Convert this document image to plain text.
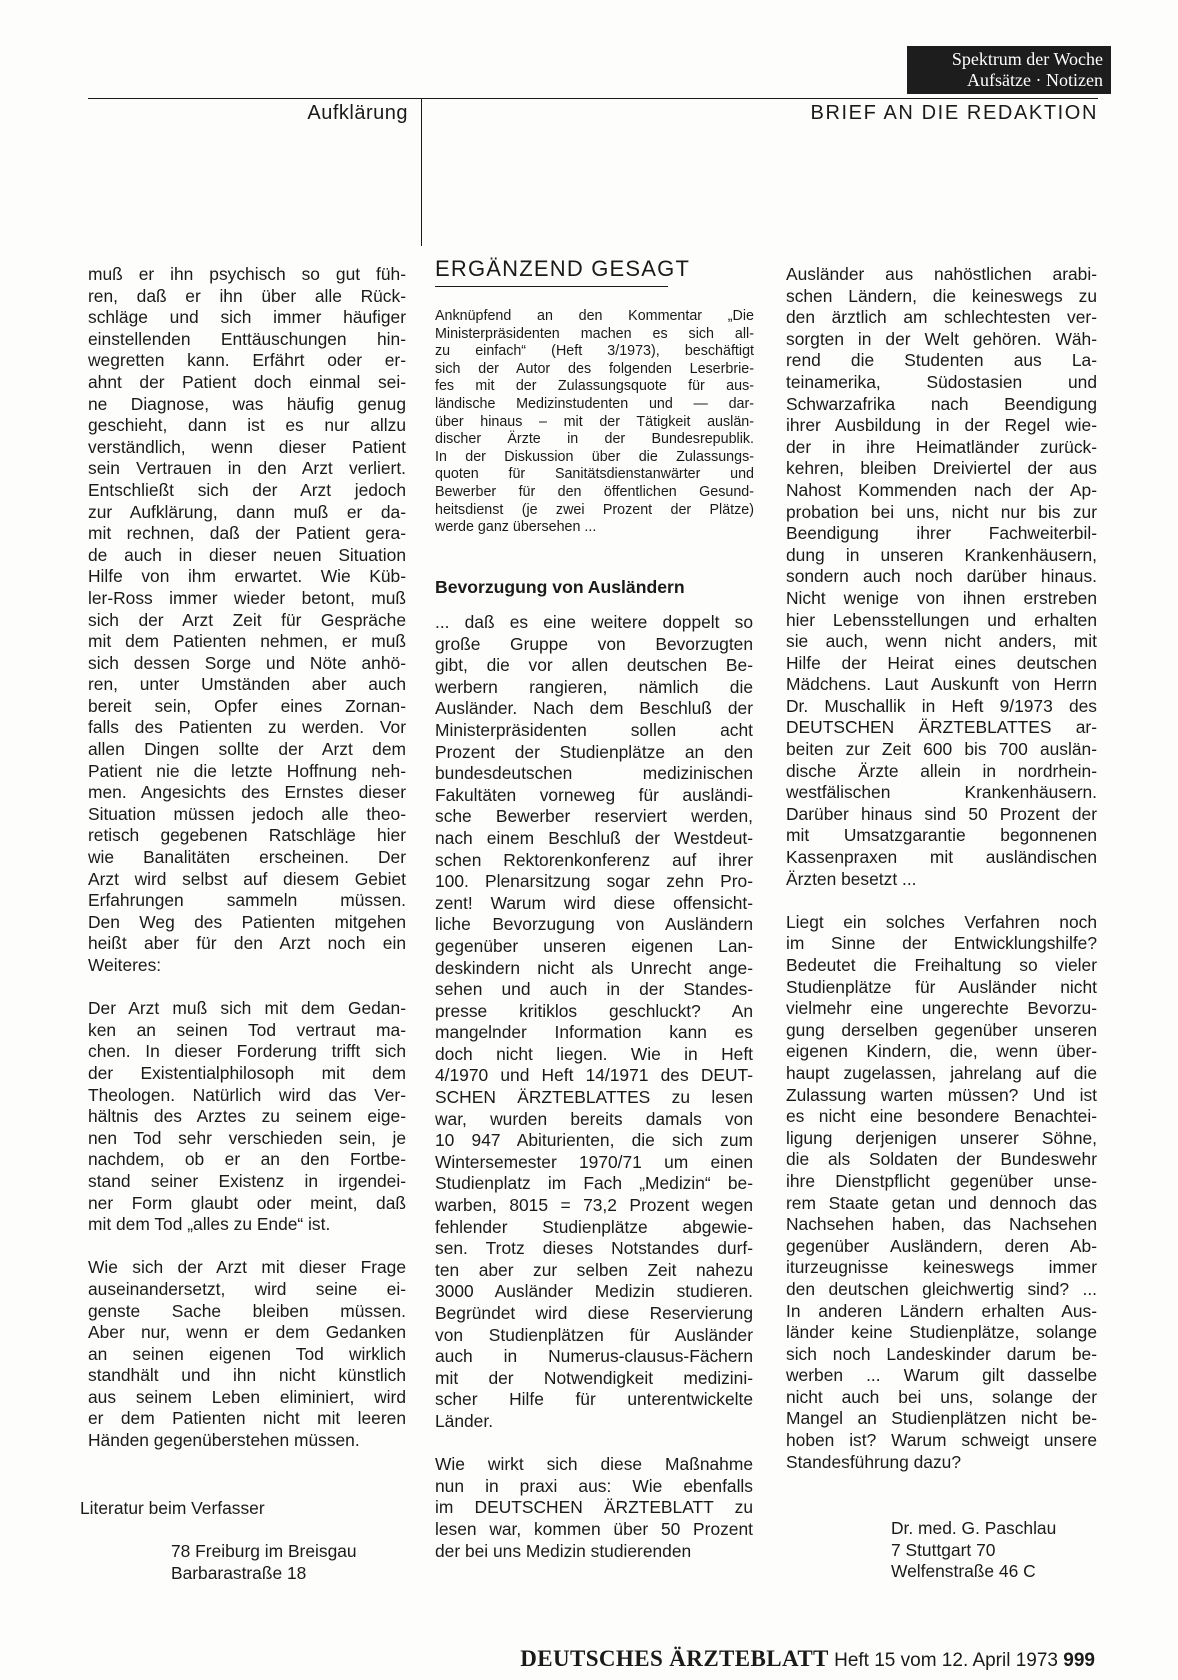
Spektrum der Woche
Aufsätze · Notizen
Aufklärung	BRIEF AN DIE REDAKTION
muß er ihn psychisch so gut füh-
ren, daß er ihn über alle Rück-
schläge und sich immer häufiger
einstellenden Enttäuschungen hin-
wegretten kann. Erfährt oder er-
ahnt der Patient doch einmal sei-
ne Diagnose, was häufig genug
geschieht, dann ist es nur allzu
verständlich, wenn dieser Patient
sein Vertrauen in den Arzt verliert.
Entschließt sich der Arzt jedoch
zur Aufklärung, dann muß er da-
mit rechnen, daß der Patient gera-
de auch in dieser neuen Situation
Hilfe von ihm erwartet. Wie Küb-
ler-Ross immer wieder betont, muß
sich der Arzt Zeit für Gespräche
mit dem Patienten nehmen, er muß
sich dessen Sorge und Nöte anhö-
ren, unter Umständen aber auch
bereit sein, Opfer eines Zornan-
falls des Patienten zu werden. Vor
allen Dingen sollte der Arzt dem
Patient nie die letzte Hoffnung neh-
men. Angesichts des Ernstes dieser
Situation müssen jedoch alle theo-
retisch gegebenen Ratschläge hier
wie Banalitäten erscheinen. Der
Arzt wird selbst auf diesem Gebiet
Erfahrungen sammeln müssen.
Den Weg des Patienten mitgehen
heißt aber für den Arzt noch ein
Weiteres:
Der Arzt muß sich mit dem Gedan-
ken an seinen Tod vertraut ma-
chen. In dieser Forderung trifft sich
der Existentialphilosoph mit dem
Theologen. Natürlich wird das Ver-
hältnis des Arztes zu seinem eige-
nen Tod sehr verschieden sein, je
nachdem, ob er an den Fortbe-
stand seiner Existenz in irgendei-
ner Form glaubt oder meint, daß
mit dem Tod „alles zu Ende“ ist.
Wie sich der Arzt mit dieser Frage
auseinandersetzt, wird seine ei-
genste Sache bleiben müssen.
Aber nur, wenn er dem Gedanken
an seinen eigenen Tod wirklich
standhält und ihn nicht künstlich
aus seinem Leben eliminiert, wird
er dem Patienten nicht mit leeren
Händen gegenüberstehen müssen.
Literatur beim Verfasser
78 Freiburg im Breisgau
Barbarastraße 18
ERGÄNZEND GESAGT
Anknüpfend an den Kommentar „Die
Ministerpräsidenten machen es sich all-
zu einfach“ (Heft 3/1973), beschäftigt
sich der Autor des folgenden Leserbrie-
fes mit der Zulassungsquote für aus-
ländische Medizinstudenten und — dar-
über hinaus – mit der Tätigkeit auslän-
discher Ärzte in der Bundesrepublik.
In der Diskussion über die Zulassungs-
quoten für Sanitätsdienstanwärter und
Bewerber für den öffentlichen Gesund-
heitsdienst (je zwei Prozent der Plätze)
werde ganz übersehen ...
Bevorzugung von Ausländern
... daß es eine weitere doppelt so
große Gruppe von Bevorzugten
gibt, die vor allen deutschen Be-
werbern rangieren, nämlich die
Ausländer. Nach dem Beschluß der
Ministerpräsidenten sollen acht
Prozent der Studienplätze an den
bundesdeutschen medizinischen
Fakultäten vorneweg für ausländi-
sche Bewerber reserviert werden,
nach einem Beschluß der Westdeut-
schen Rektorenkonferenz auf ihrer
100. Plenarsitzung sogar zehn Pro-
zent! Warum wird diese offensicht-
liche Bevorzugung von Ausländern
gegenüber unseren eigenen Lan-
deskindern nicht als Unrecht ange-
sehen und auch in der Standes-
presse kritiklos geschluckt? An
mangelnder Information kann es
doch nicht liegen. Wie in Heft
4/1970 und Heft 14/1971 des DEUT-
SCHEN ÄRZTEBLATTES zu lesen
war, wurden bereits damals von
10 947 Abiturienten, die sich zum
Wintersemester 1970/71 um einen
Studienplatz im Fach „Medizin“ be-
warben, 8015 = 73,2 Prozent wegen
fehlender Studienplätze abgewie-
sen. Trotz dieses Notstandes durf-
ten aber zur selben Zeit nahezu
3000 Ausländer Medizin studieren.
Begründet wird diese Reservierung
von Studienplätzen für Ausländer
auch in Numerus-clausus-Fächern
mit der Notwendigkeit medizini-
scher Hilfe für unterentwickelte
Länder.
Wie wirkt sich diese Maßnahme
nun in praxi aus: Wie ebenfalls
im DEUTSCHEN ÄRZTEBLATT zu
lesen war, kommen über 50 Prozent
der bei uns Medizin studierenden
Ausländer aus nahöstlichen arabi-
schen Ländern, die keineswegs zu
den ärztlich am schlechtesten ver-
sorgten in der Welt gehören. Wäh-
rend die Studenten aus La-
teinamerika, Südostasien und
Schwarzafrika nach Beendigung
ihrer Ausbildung in der Regel wie-
der in ihre Heimatländer zurück-
kehren, bleiben Dreiviertel der aus
Nahost Kommenden nach der Ap-
probation bei uns, nicht nur bis zur
Beendigung ihrer Fachweiterbil-
dung in unseren Krankenhäusern,
sondern auch noch darüber hinaus.
Nicht wenige von ihnen erstreben
hier Lebensstellungen und erhalten
sie auch, wenn nicht anders, mit
Hilfe der Heirat eines deutschen
Mädchens. Laut Auskunft von Herrn
Dr. Muschallik in Heft 9/1973 des
DEUTSCHEN ÄRZTEBLATTES ar-
beiten zur Zeit 600 bis 700 auslän-
dische Ärzte allein in nordrhein-
westfälischen Krankenhäusern.
Darüber hinaus sind 50 Prozent der
mit Umsatzgarantie begonnenen
Kassenpraxen mit ausländischen
Ärzten besetzt ...
Liegt ein solches Verfahren noch
im Sinne der Entwicklungshilfe?
Bedeutet die Freihaltung so vieler
Studienplätze für Ausländer nicht
vielmehr eine ungerechte Bevorzu-
gung derselben gegenüber unseren
eigenen Kindern, die, wenn über-
haupt zugelassen, jahrelang auf die
Zulassung warten müssen? Und ist
es nicht eine besondere Benachtei-
ligung derjenigen unserer Söhne,
die als Soldaten der Bundeswehr
ihre Dienstpflicht gegenüber unse-
rem Staate getan und dennoch das
Nachsehen haben, das Nachsehen
gegenüber Ausländern, deren Ab-
iturzeugnisse keineswegs immer
den deutschen gleichwertig sind? ...
In anderen Ländern erhalten Aus-
länder keine Studienplätze, solange
sich noch Landeskinder darum be-
werben ... Warum gilt dasselbe
nicht auch bei uns, solange der
Mangel an Studienplätzen nicht be-
hoben ist? Warum schweigt unsere
Standesführung dazu?
Dr. med. G. Paschlau
7 Stuttgart 70
Welfenstraße 46 C
DEUTSCHES ÄRZTEBLATT Heft 15 vom 12. April 1973 999
